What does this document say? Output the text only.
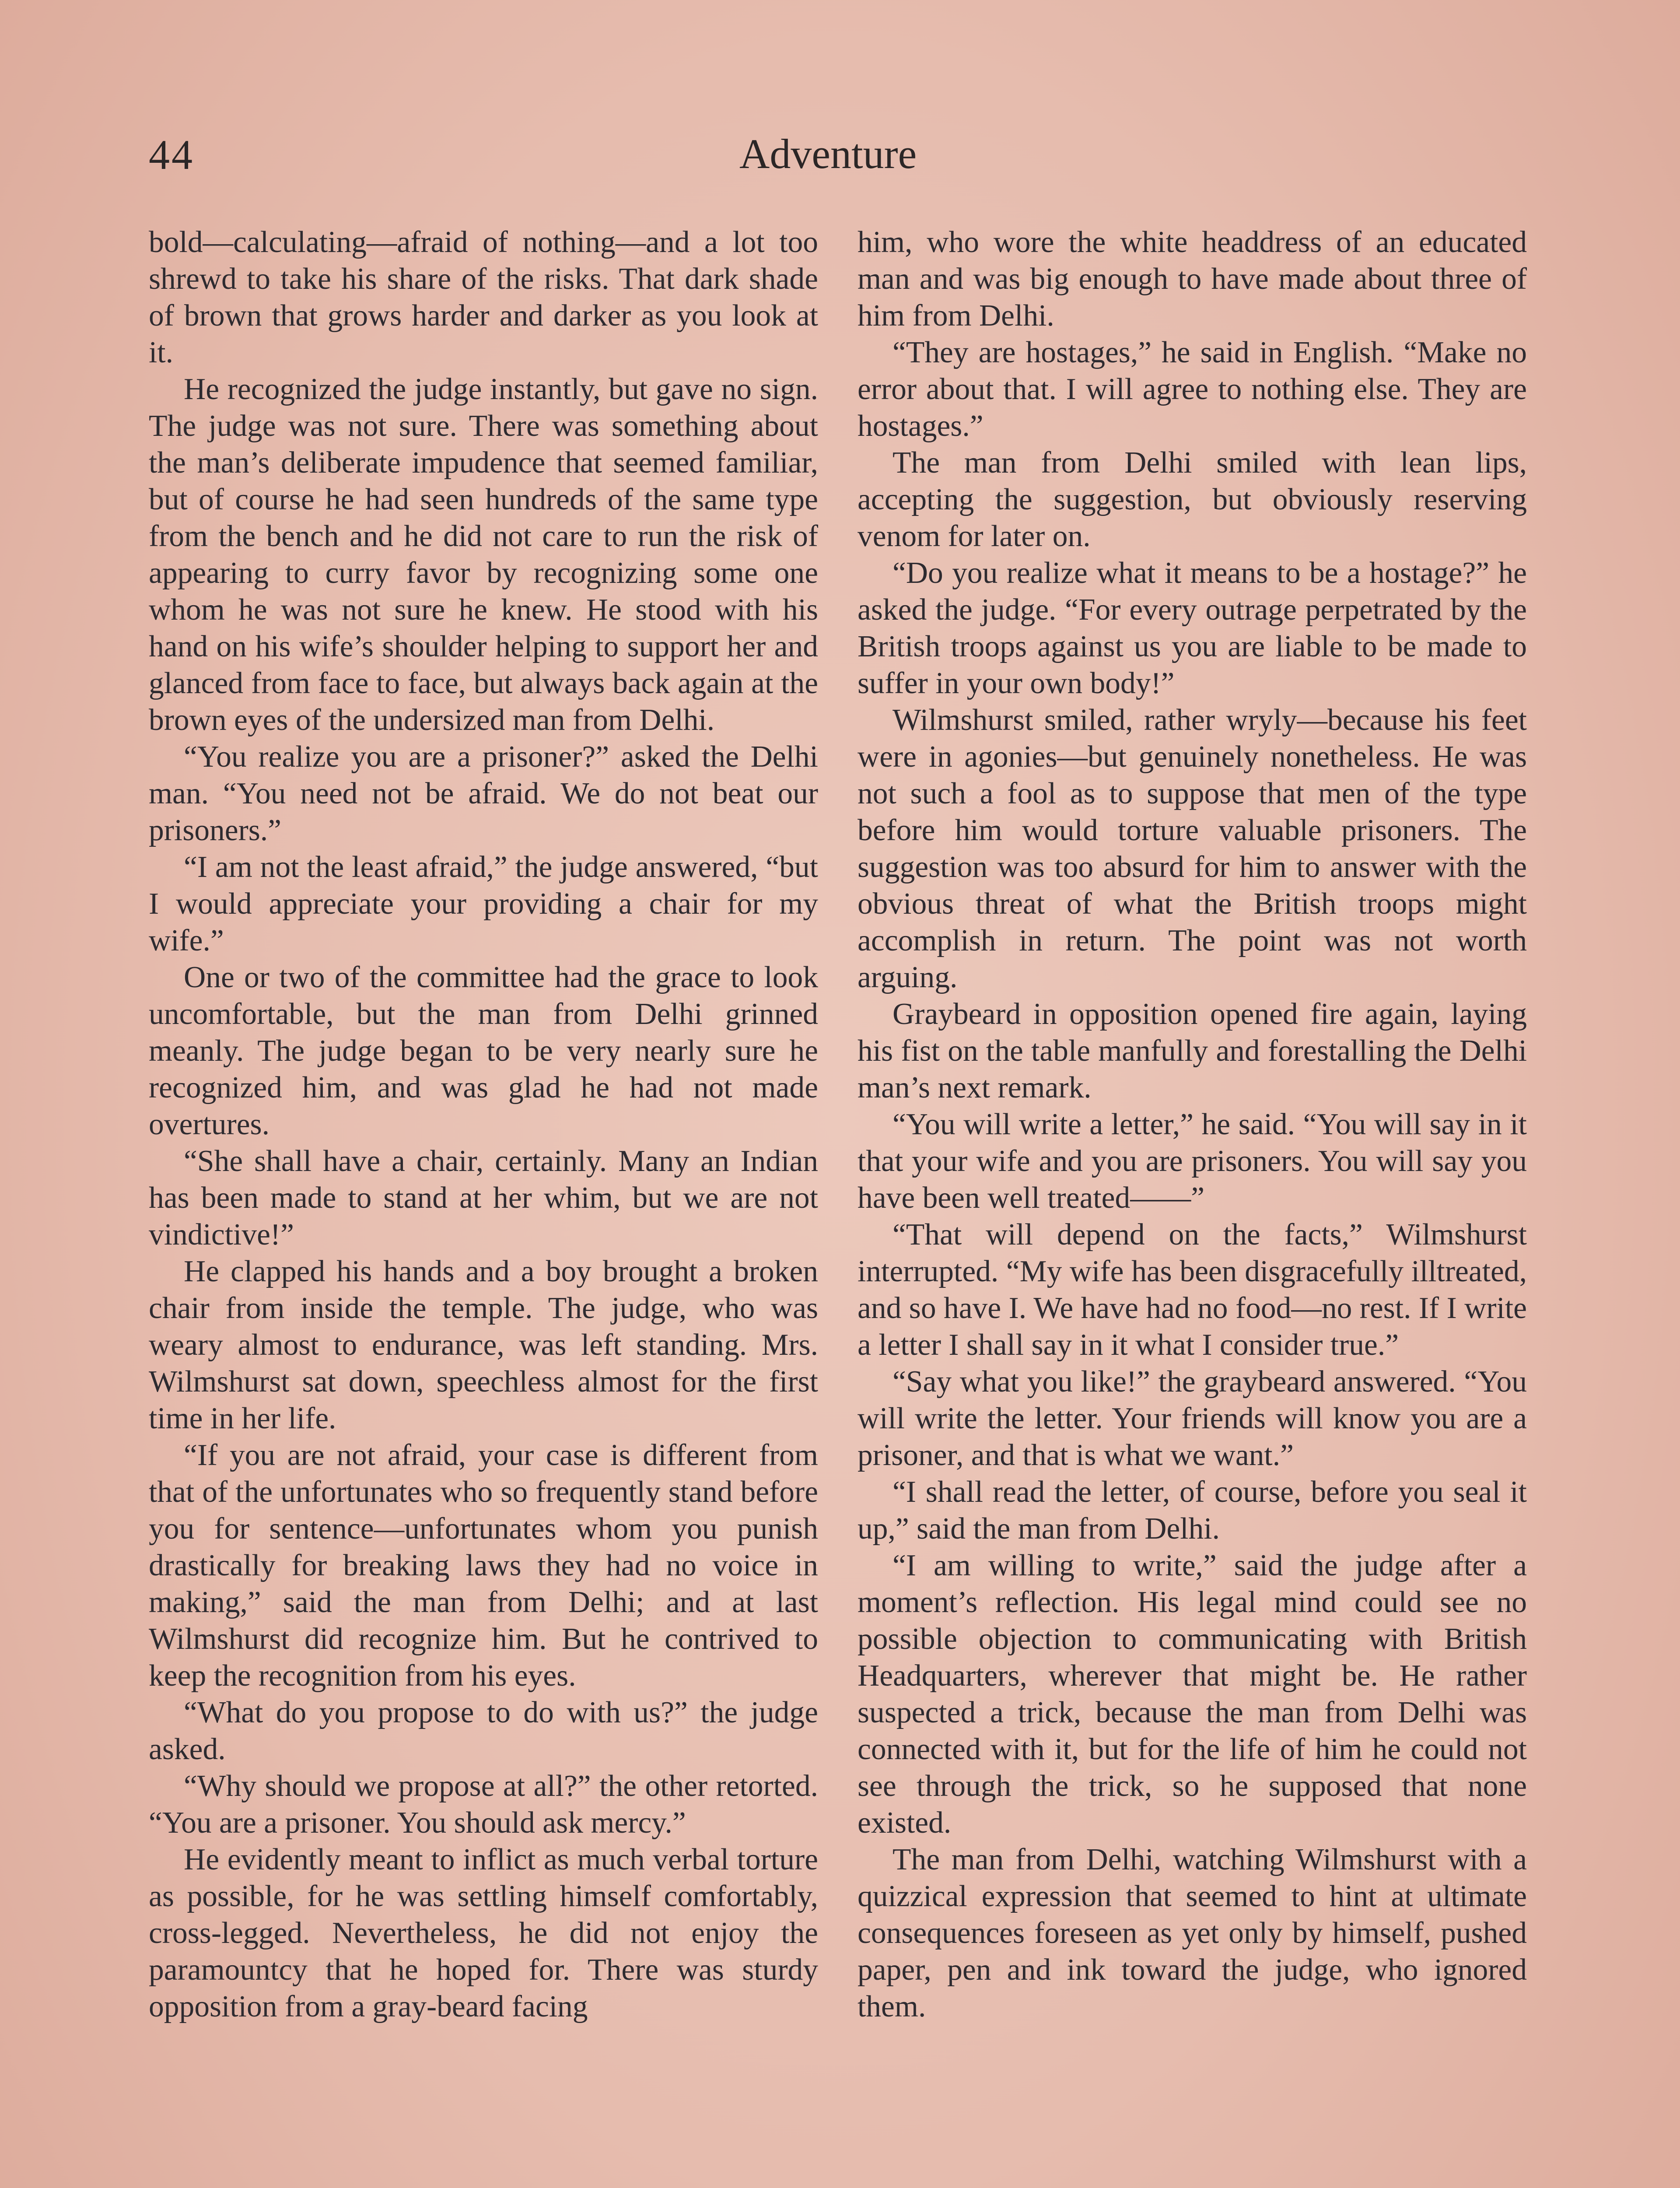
44	Adventure

bold—calculating—afraid of nothing—and a lot too shrewd to take his share of the risks. That dark shade of brown that grows harder and darker as you look at it.

He recognized the judge instantly, but gave no sign. The judge was not sure. There was something about the man’s deliberate impudence that seemed familiar, but of course he had seen hundreds of the same type from the bench and he did not care to run the risk of appearing to curry favor by recognizing some one whom he was not sure he knew. He stood with his hand on his wife’s shoulder helping to support her and glanced from face to face, but always back again at the brown eyes of the undersized man from Delhi.

“You realize you are a prisoner?” asked the Delhi man. “You need not be afraid. We do not beat our prisoners.”

“I am not the least afraid,” the judge answered, “but I would appreciate your providing a chair for my wife.”

One or two of the committee had the grace to look uncomfortable, but the man from Delhi grinned meanly. The judge began to be very nearly sure he recognized him, and was glad he had not made overtures.

“She shall have a chair, certainly. Many an Indian has been made to stand at her whim, but we are not vindictive!”

He clapped his hands and a boy brought a broken chair from inside the temple. The judge, who was weary almost to endurance, was left standing. Mrs. Wilmshurst sat down, speechless almost for the first time in her life.

“If you are not afraid, your case is different from that of the unfortunates who so frequently stand before you for sentence—unfortunates whom you punish drastically for breaking laws they had no voice in making,” said the man from Delhi; and at last Wilmshurst did recognize him. But he contrived to keep the recognition from his eyes.

“What do you propose to do with us?” the judge asked.

“Why should we propose at all?” the other retorted. “You are a prisoner. You should ask mercy.”

He evidently meant to inflict as much verbal torture as possible, for he was settling himself comfortably, cross-legged. Nevertheless, he did not enjoy the paramountcy that he hoped for. There was sturdy opposition from a gray-beard facing

him, who wore the white headdress of an educated man and was big enough to have made about three of him from Delhi.

“They are hostages,” he said in English. “Make no error about that. I will agree to nothing else. They are hostages.”

The man from Delhi smiled with lean lips, accepting the suggestion, but obviously reserving venom for later on.

“Do you realize what it means to be a hostage?” he asked the judge. “For every outrage perpetrated by the British troops against us you are liable to be made to suffer in your own body!”

Wilmshurst smiled, rather wryly—because his feet were in agonies—but genuinely nonetheless. He was not such a fool as to suppose that men of the type before him would torture valuable prisoners. The suggestion was too absurd for him to answer with the obvious threat of what the British troops might accomplish in return. The point was not worth arguing.

Graybeard in opposition opened fire again, laying his fist on the table manfully and forestalling the Delhi man’s next remark.

“You will write a letter,” he said. “You will say in it that your wife and you are prisoners. You will say you have been well treated——”

“That will depend on the facts,” Wilmshurst interrupted. “My wife has been disgracefully illtreated, and so have I. We have had no food—no rest. If I write a letter I shall say in it what I consider true.”

“Say what you like!” the graybeard answered. “You will write the letter. Your friends will know you are a prisoner, and that is what we want.”

“I shall read the letter, of course, before you seal it up,” said the man from Delhi.

“I am willing to write,” said the judge after a moment’s reflection. His legal mind could see no possible objection to communicating with British Headquarters, wherever that might be. He rather suspected a trick, because the man from Delhi was connected with it, but for the life of him he could not see through the trick, so he supposed that none existed.

The man from Delhi, watching Wilmshurst with a quizzical expression that seemed to hint at ultimate consequences foreseen as yet only by himself, pushed paper, pen and ink toward the judge, who ignored them.
